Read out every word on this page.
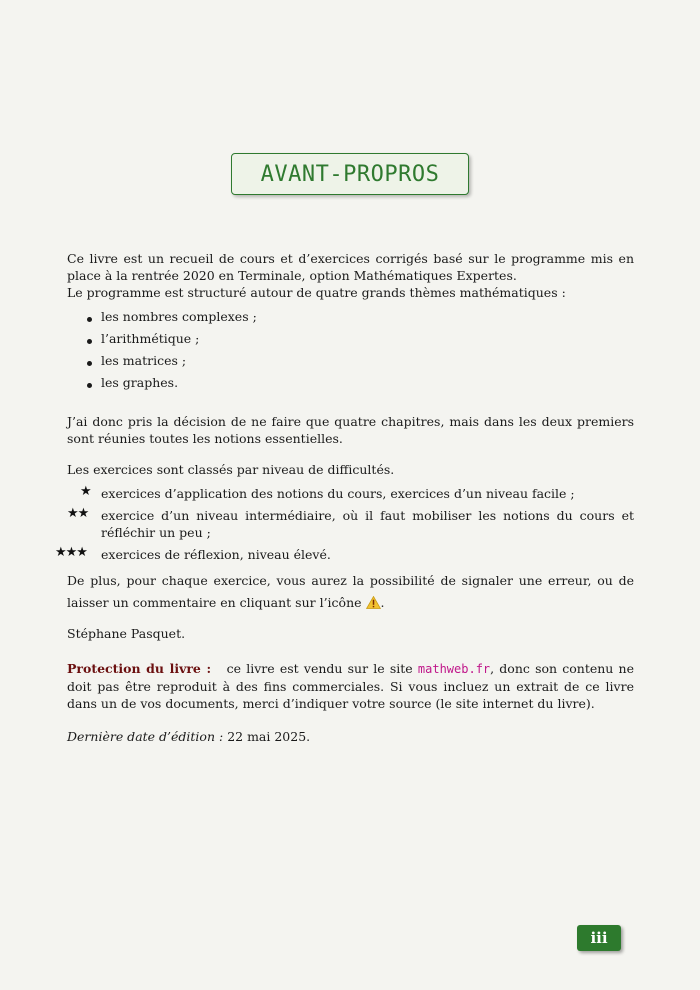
AVANT-PROPROS

Ce livre est un recueil de cours et d’exercices corrigés basé sur le programme mis en place à la rentrée 2020 en Terminale, option Mathématiques Expertes.

Le programme est structuré autour de quatre grands thèmes mathématiques :

les nombres complexes ;
l’arithmétique ;
les matrices ;
les graphes.
J’ai donc pris la décision de ne faire que quatre chapitres, mais dans les deux premiers sont réunies toutes les notions essentielles.
Les exercices sont classés par niveau de difficultés.
★ exercices d’application des notions du cours, exercices d’un niveau facile ;
★★ exercice d’un niveau intermédiaire, où il faut mobiliser les notions du cours et réfléchir un peu ;
★★★ exercices de réflexion, niveau élevé.
De plus, pour chaque exercice, vous aurez la possibilité de signaler une erreur, ou de laisser un commentaire en cliquant sur l’icône .
Stéphane Pasquet.
Protection du livre : ce livre est vendu sur le site mathweb.fr, donc son contenu ne doit pas être reproduit à des fins commerciales. Si vous incluez un extrait de ce livre dans un de vos documents, merci d’indiquer votre source (le site internet du livre).
Dernière date d’édition : 22 mai 2025.
iii
